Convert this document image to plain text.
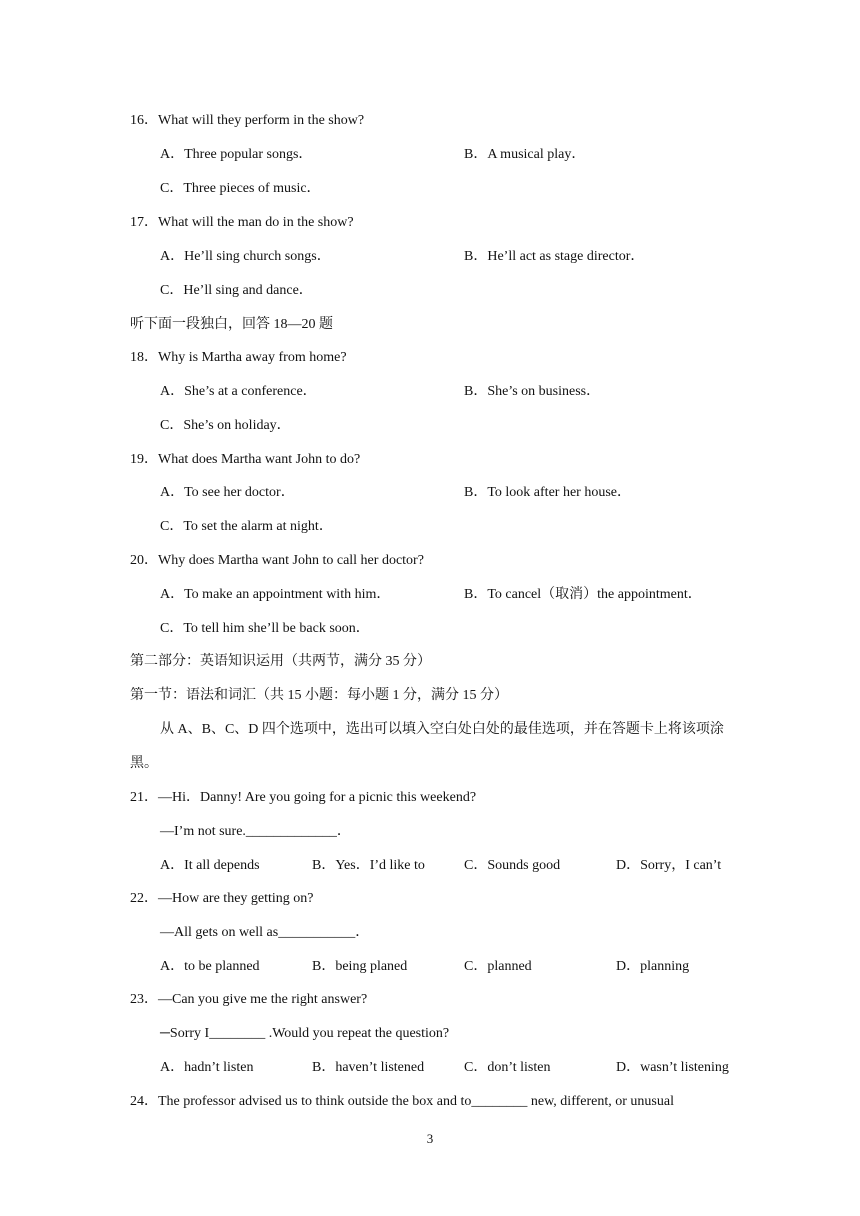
16．What will they perform in the show?
A．Three popular songs．	B．A musical play．
C．Three pieces of music．
17．What will the man do in the show?
A．He’ll sing church songs．	B．He’ll act as stage director．
C．He’ll sing and dance．
听下面一段独白，回答 18—20 题
18．Why is Martha away from home?
A．She’s at a conference．	B．She’s on business．
C．She’s on holiday．
19．What does Martha want John to do?
A．To see her doctor．	B．To look after her house．
C．To set the alarm at night．
20．Why does Martha want John to call her doctor?
A．To make an appointment with him．	B．To cancel（取消）the appointment．
C．To tell him she’ll be back soon．
第二部分：英语知识运用（共两节，满分 35 分）
第一节：语法和词汇（共 15 小题：每小题 1 分，满分 15 分）
从 A、B、C、D 四个选项中，选出可以填入空白处白处的最佳选项，并在答题卡上将该项涂黑。
21．—Hi．Danny! Are you going for a picnic this weekend?
—I’m not sure._____________．
A．It all depends	B．Yes．I’d like to	C．Sounds good	D．Sorry，I can’t
22．—How are they getting on?
—All gets on well as___________．
A．to be planned	B．being planed	C．planned	D．planning
23．—Can you give me the right answer?
─Sorry I________ .Would you repeat the question?
A．hadn’t listen	B．haven’t listened	C．don’t listen	D．wasn’t listening
24．The professor advised us to think outside the box and to________ new, different, or unusual
3
